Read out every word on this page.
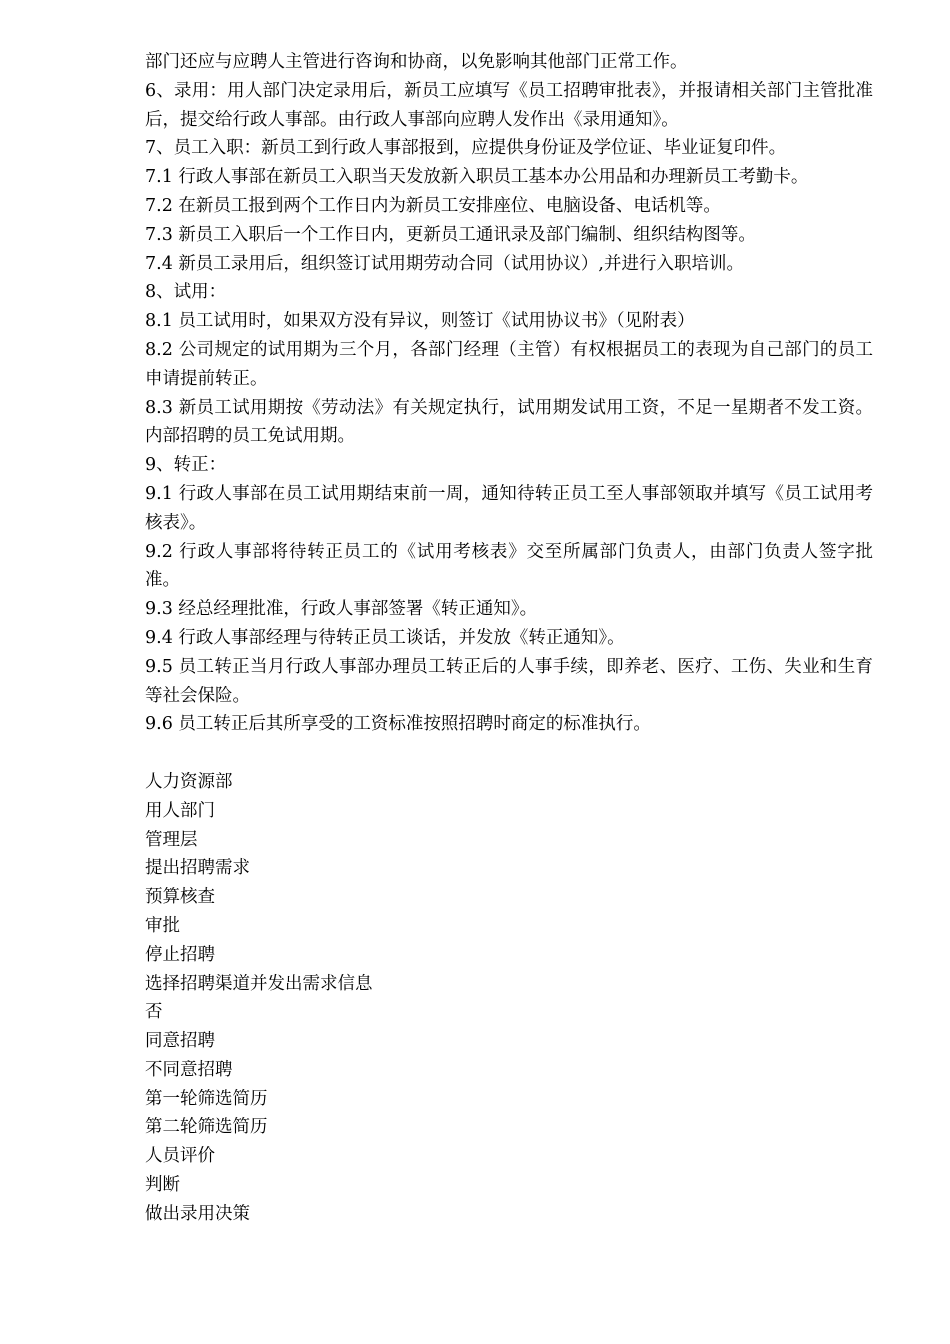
部门还应与应聘人主管进行咨询和协商，以免影响其他部门正常工作。

6、录用：用人部门决定录用后，新员工应填写《员工招聘审批表》，并报请相关部门主管批准后，提交给行政人事部。由行政人事部向应聘人发作出《录用通知》。

7、员工入职：新员工到行政人事部报到，应提供身份证及学位证、毕业证复印件。

7.1 行政人事部在新员工入职当天发放新入职员工基本办公用品和办理新员工考勤卡。

7.2 在新员工报到两个工作日内为新员工安排座位、电脑设备、电话机等。

7.3 新员工入职后一个工作日内，更新员工通讯录及部门编制、组织结构图等。

7.4 新员工录用后，组织签订试用期劳动合同（试用协议）,并进行入职培训。

8、试用：

8.1 员工试用时，如果双方没有异议，则签订《试用协议书》（见附表）

8.2 公司规定的试用期为三个月，各部门经理（主管）有权根据员工的表现为自己部门的员工申请提前转正。

8.3 新员工试用期按《劳动法》有关规定执行，试用期发试用工资，不足一星期者不发工资。内部招聘的员工免试用期。

9、转正：

9.1 行政人事部在员工试用期结束前一周，通知待转正员工至人事部领取并填写《员工试用考核表》。

9.2 行政人事部将待转正员工的《试用考核表》交至所属部门负责人，由部门负责人签字批准。

9.3 经总经理批准，行政人事部签署《转正通知》。

9.4 行政人事部经理与待转正员工谈话，并发放《转正通知》。

9.5 员工转正当月行政人事部办理员工转正后的人事手续，即养老、医疗、工伤、失业和生育等社会保险。

9.6 员工转正后其所享受的工资标准按照招聘时商定的标准执行。

人力资源部

用人部门

管理层

提出招聘需求

预算核查

审批

停止招聘

选择招聘渠道并发出需求信息

否

同意招聘

不同意招聘

第一轮筛选简历

第二轮筛选简历

人员评价

判断

做出录用决策
